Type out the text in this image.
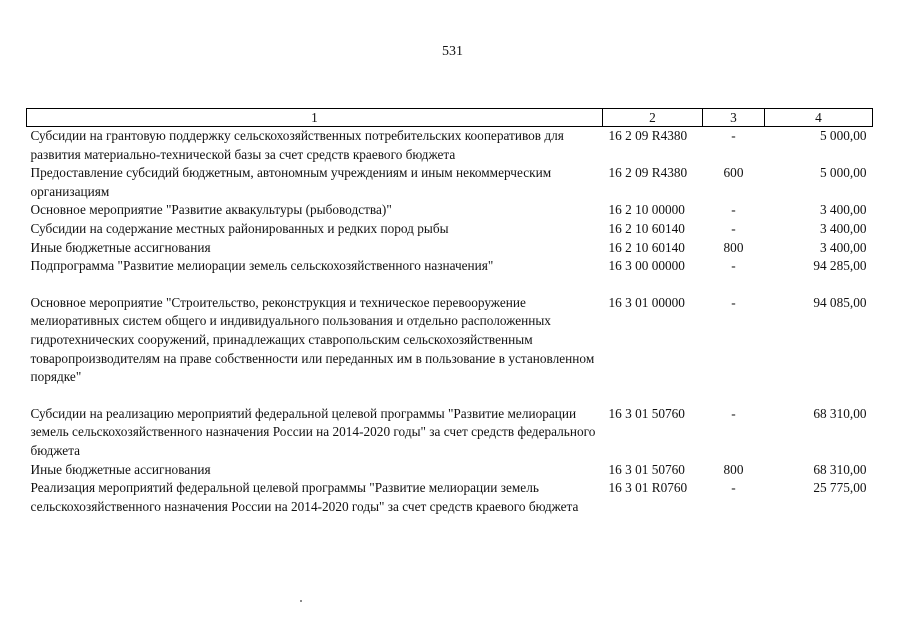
531
1	2	3	4
Субсидии на грантовую поддержку сельскохозяйственных потребительских кооперативов для развития материально-технической базы за счет средств краевого бюджета	16 2 09 R4380	-	5 000,00
Предоставление субсидий бюджетным, автономным учреждениям и иным некоммерческим организациям	16 2 09 R4380	600	5 000,00
Основное мероприятие "Развитие аквакультуры (рыбоводства)"	16 2 10 00000	-	3 400,00
Субсидии на содержание местных районированных и редких пород рыбы	16 2 10 60140	-	3 400,00
Иные бюджетные ассигнования	16 2 10 60140	800	3 400,00
Подпрограмма "Развитие мелиорации земель сельскохозяйственного назначения"	16 3 00 00000	-	94 285,00
Основное мероприятие "Строительство, реконструкция и техническое перевооружение мелиоративных систем общего и индивидуального пользования и отдельно расположенных гидротехнических сооружений, принадлежащих ставропольским сельскохозяйственным товаропроизводителям на праве собственности или переданных им в пользование в установленном порядке"	16 3 01 00000	-	94 085,00
Субсидии на реализацию мероприятий федеральной целевой программы "Развитие мелиорации земель сельскохозяйственного назначения России на 2014-2020 годы" за счет средств федерального бюджета	16 3 01 50760	-	68 310,00
Иные бюджетные ассигнования	16 3 01 50760	800	68 310,00
Реализация мероприятий федеральной целевой программы "Развитие мелиорации земель сельскохозяйственного назначения России на 2014-2020 годы" за счет средств краевого бюджета	16 3 01 R0760	-	25 775,00
